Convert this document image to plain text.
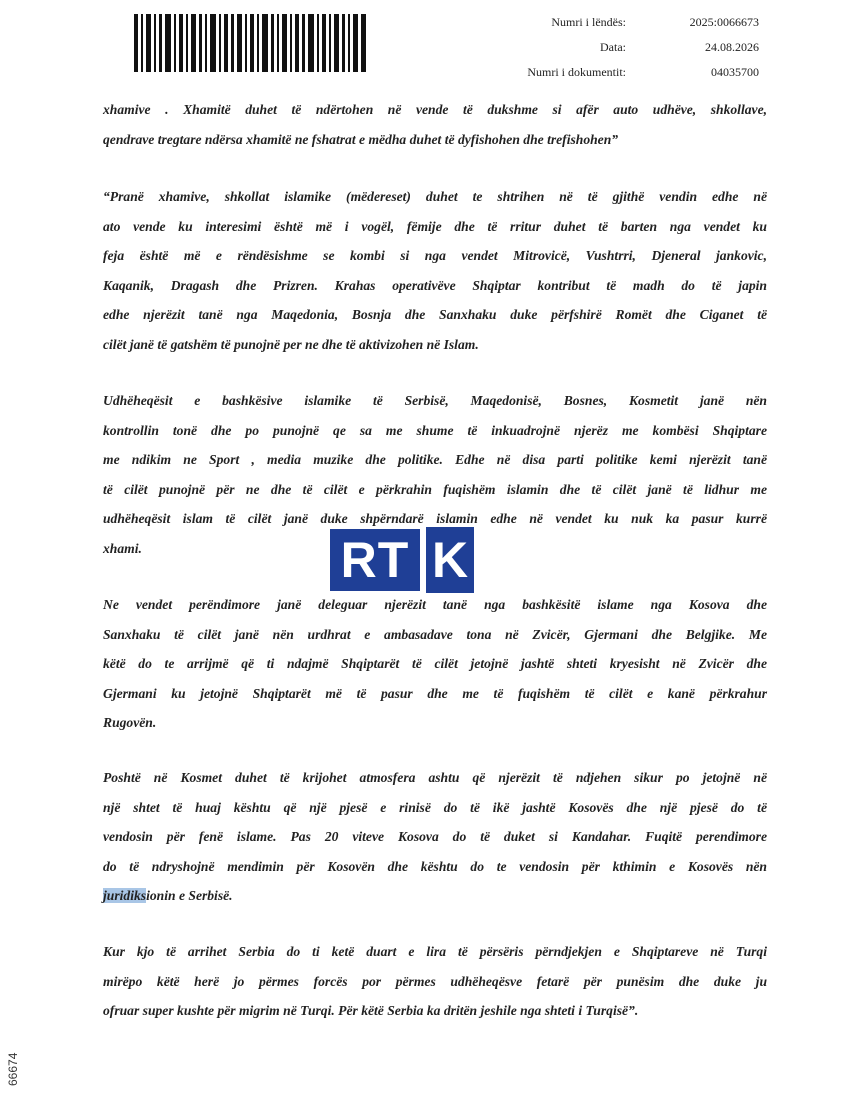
Numri i lëndës:
Data:
Numri i dokumentit:
2025:0066673
24.08.2026
04035700
xhamive . Xhamitë duhet të ndërtohen në vende të dukshme si afër auto udhëve, shkollave,
qendrave tregtare ndërsa xhamitë ne fshatrat e mëdha duhet të dyfishohen dhe trefishohen”
“Pranë xhamive, shkollat islamike (mëdereset) duhet te shtrihen në të gjithë vendin edhe në
ato vende ku interesimi është më i vogël, fëmije dhe të rritur duhet të barten nga vendet ku
feja është më e rëndësishme se kombi si nga vendet Mitrovicë, Vushtrri, Djeneral jankovic,
Kaqanik, Dragash dhe Prizren. Krahas operativëve Shqiptar kontribut të madh do të japin
edhe njerëzit tanë nga Maqedonia, Bosnja dhe Sanxhaku duke përfshirë Romët dhe Ciganet të
cilët janë të gatshëm të punojnë per ne dhe të aktivizohen në Islam.
Udhëheqësit e bashkësive islamike të Serbisë, Maqedonisë, Bosnes, Kosmetit janë nën
kontrollin tonë dhe po punojnë qe sa me shume të inkuadrojnë njerëz me kombësi Shqiptare
me ndikim ne Sport , media muzike dhe politike. Edhe në disa parti politike kemi njerëzit tanë
të cilët punojnë për ne dhe të cilët e përkrahin fuqishëm islamin dhe të cilët janë të lidhur me
udhëheqësit islam të cilët janë duke shpërndarë islamin edhe në vendet ku nuk ka pasur kurrë
xhami.	RT K
Ne vendet perëndimore janë deleguar njerëzit tanë nga bashkësitë islame nga Kosova dhe
Sanxhaku të cilët janë nën urdhrat e ambasadave tona në Zvicër, Gjermani dhe Belgjike. Me
këtë do te arrijmë që ti ndajmë Shqiptarët të cilët jetojnë jashtë shteti kryesisht në Zvicër dhe
Gjermani ku jetojnë Shqiptarët më të pasur dhe me të fuqishëm të cilët e kanë përkrahur
Rugovën.
Poshtë në Kosmet duhet të krijohet atmosfera ashtu që njerëzit të ndjehen sikur po jetojnë në
një shtet të huaj kështu që një pjesë e rinisë do të ikë jashtë Kosovës dhe një pjesë do të
vendosin për fenë islame. Pas 20 viteve Kosova do të duket si Kandahar. Fuqitë perendimore
do të ndryshojnë mendimin për Kosovën dhe kështu do te vendosin për kthimin e Kosovës nën
juridiksionin e Serbisë.
Kur kjo të arrihet Serbia do ti ketë duart e lira të përsëris përndjekjen e Shqiptareve në Turqi
mirëpo këtë herë jo përmes forcës por përmes udhëheqësve fetarë për punësim dhe duke ju
ofruar super kushte për migrim në Turqi. Për këtë Serbia ka dritën jeshile nga shteti i Turqisë”.
66674
